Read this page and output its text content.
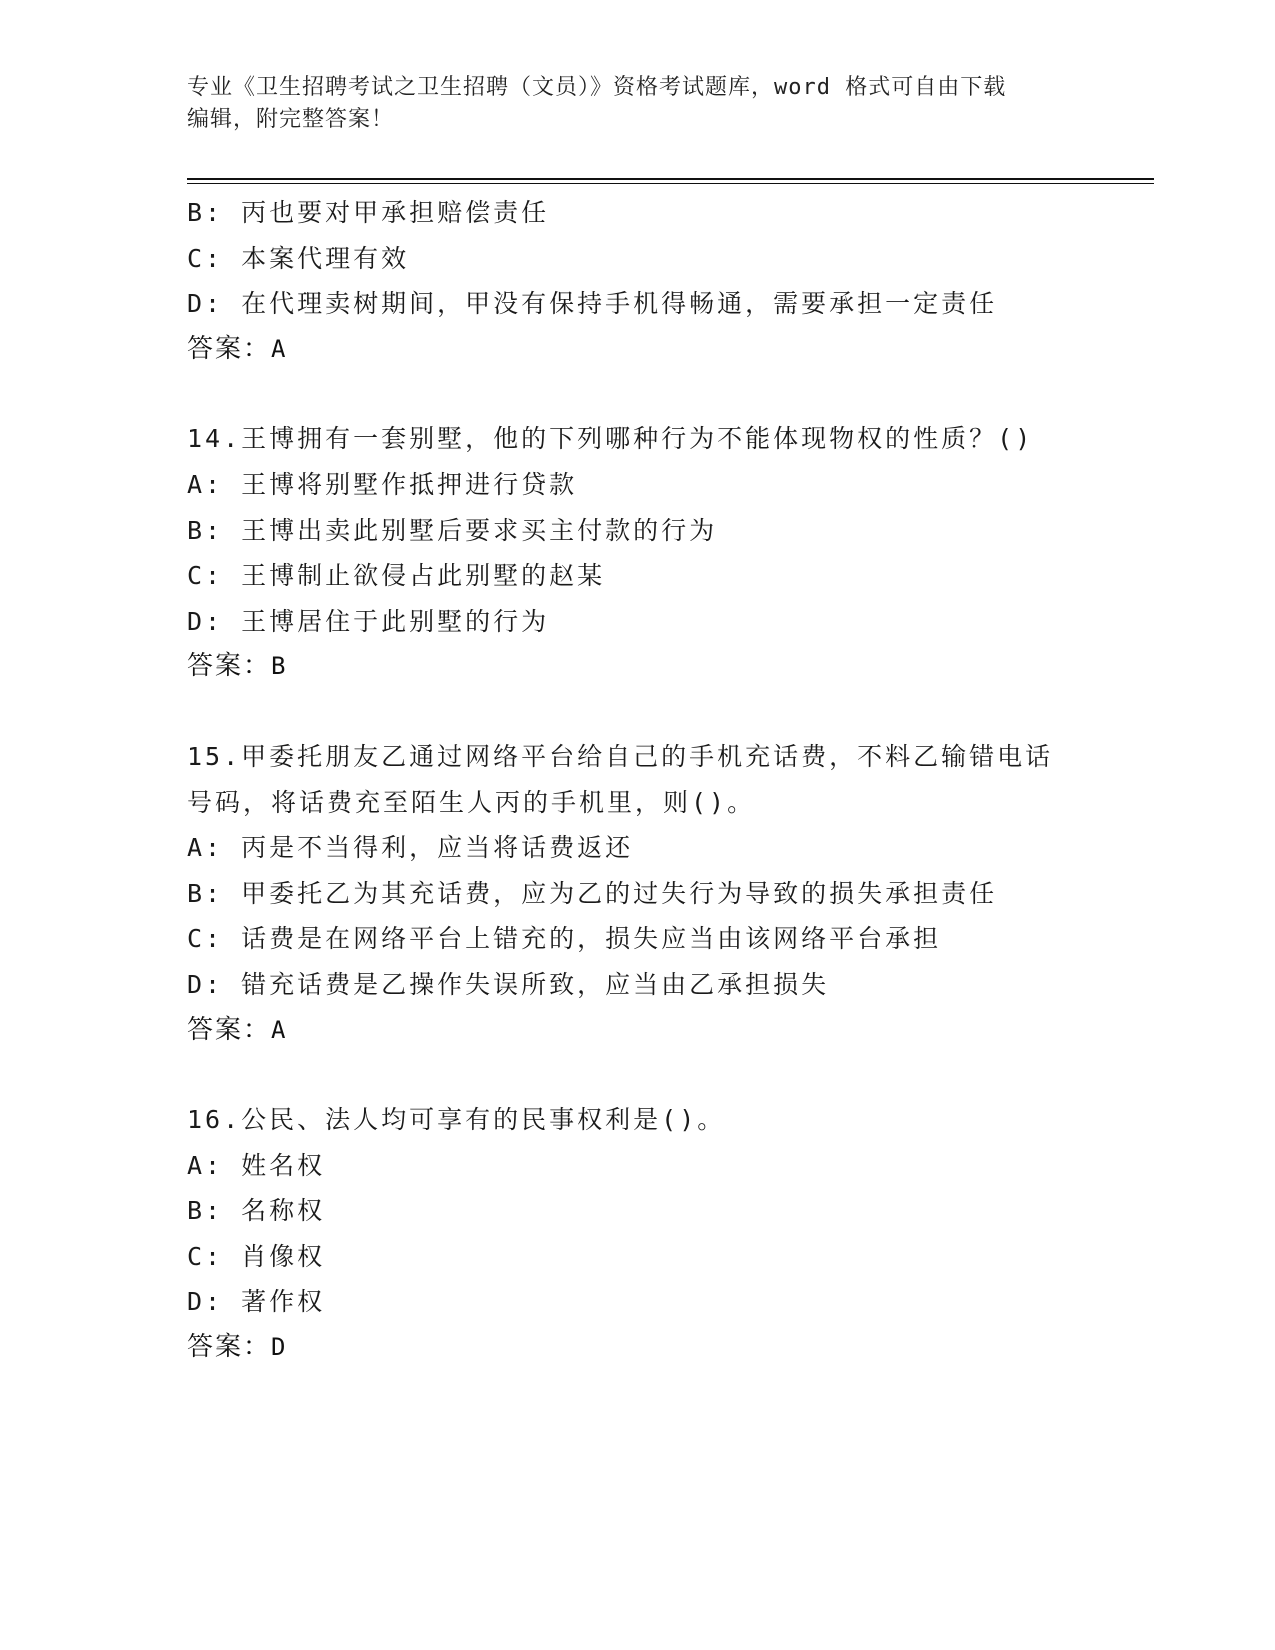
专业《卫生招聘考试之卫生招聘（文员）》资格考试题库，word 格式可自由下载
编辑，附完整答案！
B: 丙也要对甲承担赔偿责任
C: 本案代理有效
D: 在代理卖树期间，甲没有保持手机得畅通，需要承担一定责任
答案：A
14.王博拥有一套别墅，他的下列哪种行为不能体现物权的性质？()
A: 王博将别墅作抵押进行贷款
B: 王博出卖此别墅后要求买主付款的行为
C: 王博制止欲侵占此别墅的赵某
D: 王博居住于此别墅的行为
答案：B
15.甲委托朋友乙通过网络平台给自己的手机充话费，不料乙输错电话
号码，将话费充至陌生人丙的手机里，则()。
A: 丙是不当得利，应当将话费返还
B: 甲委托乙为其充话费，应为乙的过失行为导致的损失承担责任
C: 话费是在网络平台上错充的，损失应当由该网络平台承担
D: 错充话费是乙操作失误所致，应当由乙承担损失
答案：A
16.公民、法人均可享有的民事权利是()。
A: 姓名权
B: 名称权
C: 肖像权
D: 著作权
答案：D
